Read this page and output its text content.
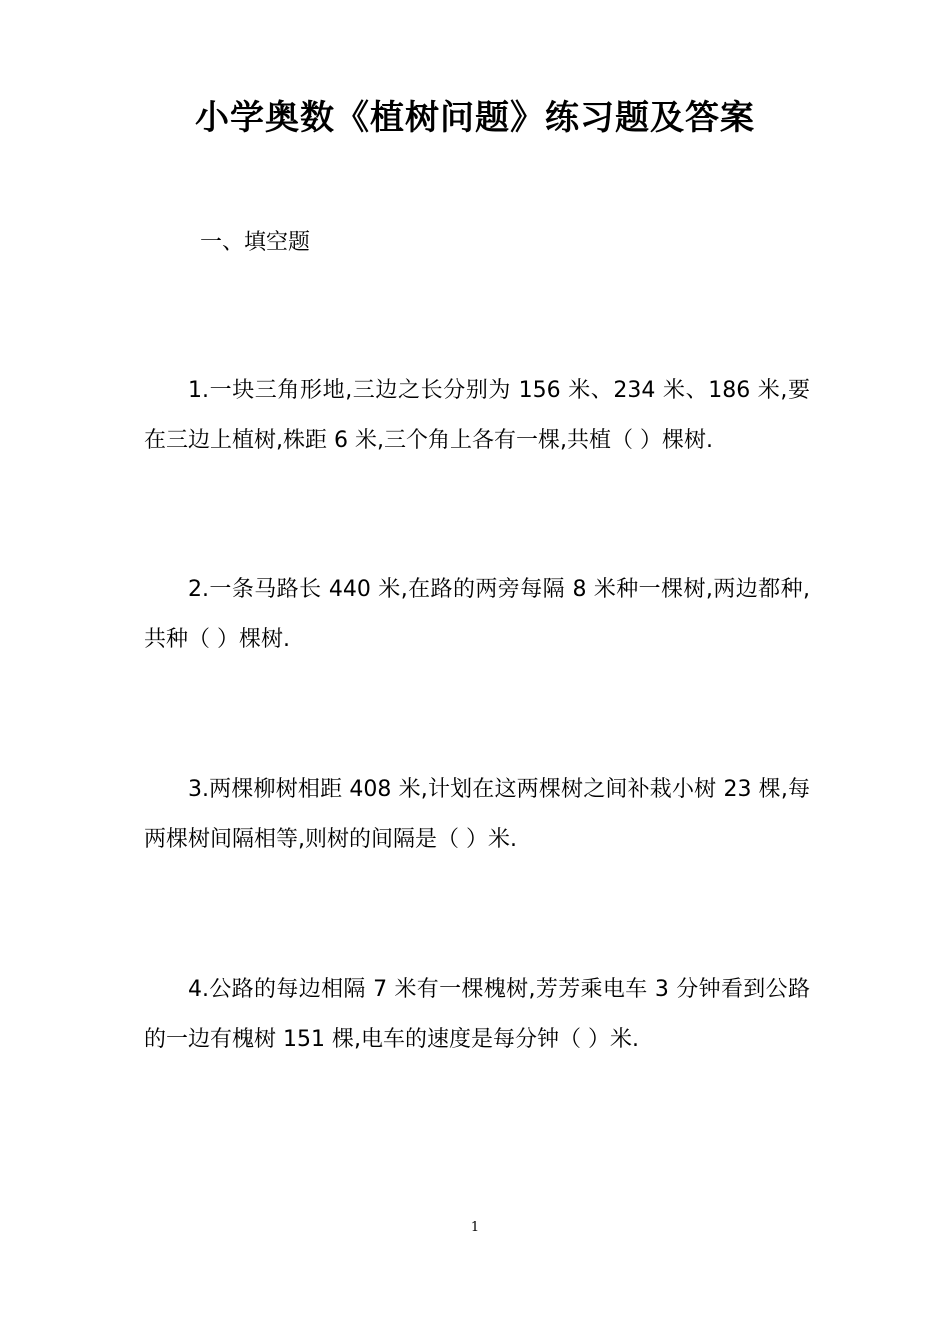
小学奥数《植树问题》练习题及答案
一、填空题

1.一块三角形地,三边之长分别为 156 米、234 米、186 米,要在三边上植树,株距 6 米,三个角上各有一棵,共植（ ）棵树.

2.一条马路长 440 米,在路的两旁每隔 8 米种一棵树,两边都种,共种（ ）棵树.

3.两棵柳树相距 408 米,计划在这两棵树之间补栽小树 23 棵,每两棵树间隔相等,则树的间隔是（ ）米.

4.公路的每边相隔 7 米有一棵槐树,芳芳乘电车 3 分钟看到公路的一边有槐树 151 棵,电车的速度是每分钟（ ）米.

1
